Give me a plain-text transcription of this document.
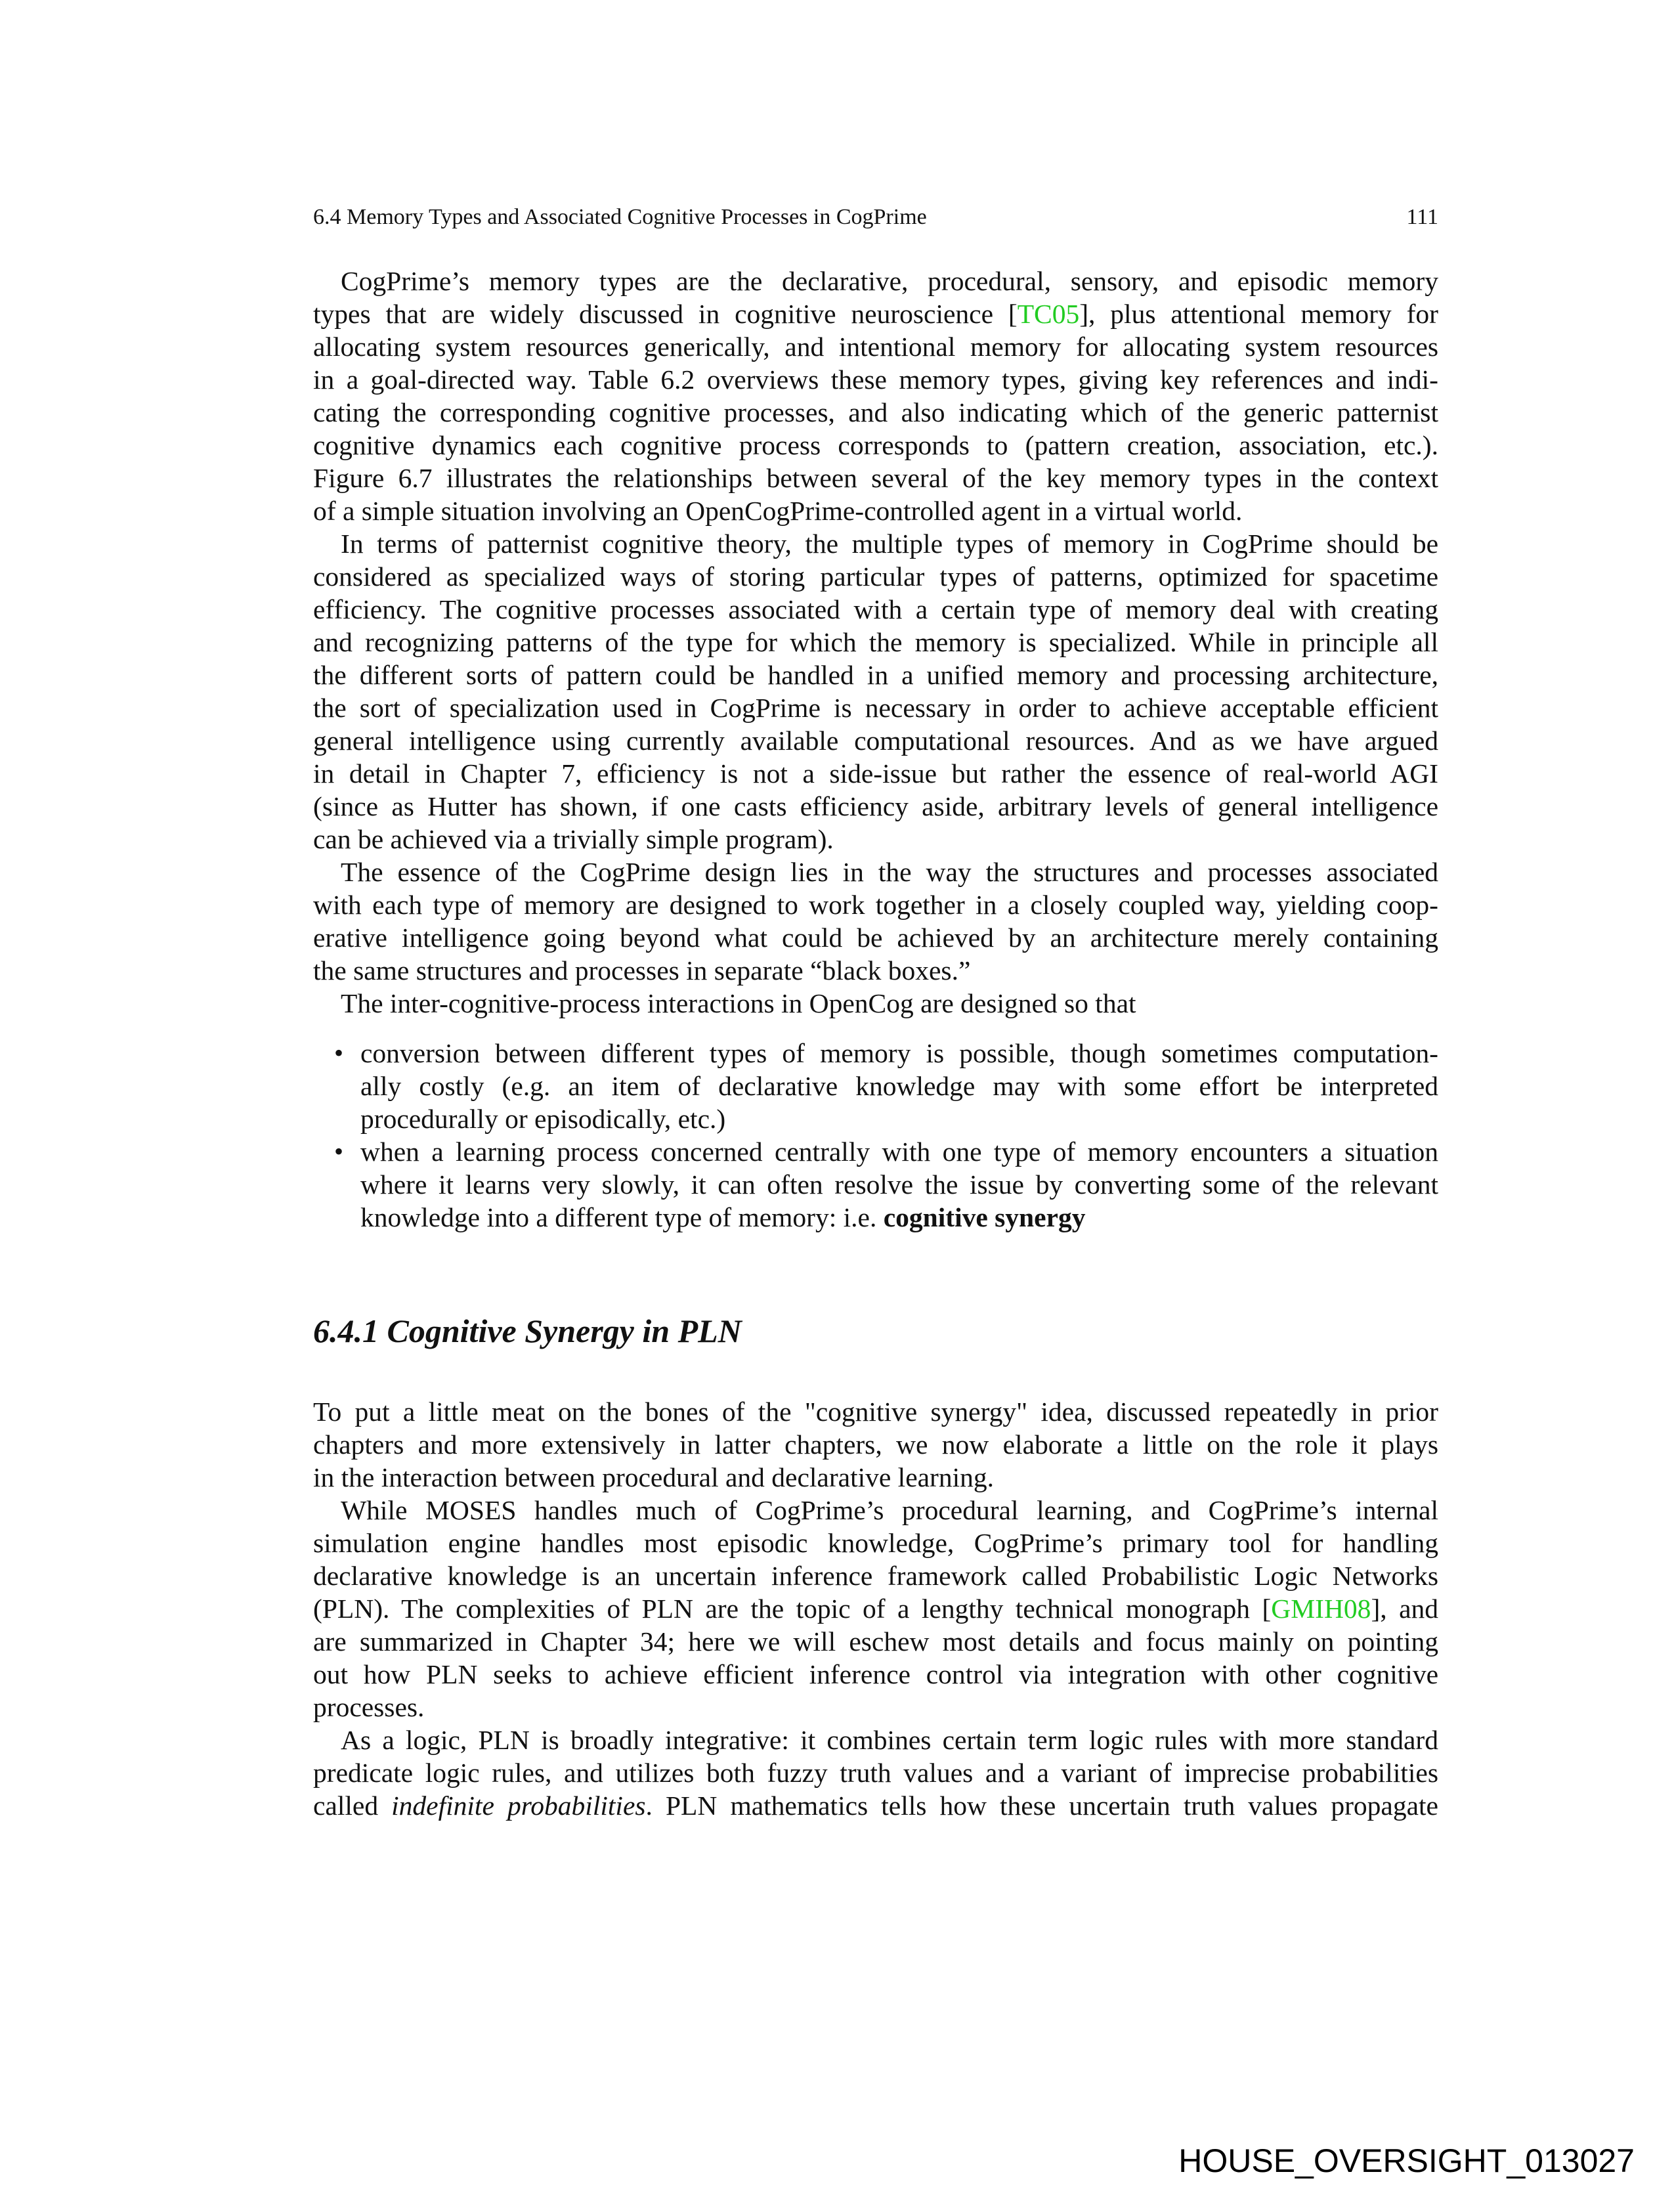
6.4 Memory Types and Associated Cognitive Processes in CogPrime	111
CogPrime’s memory types are the declarative, procedural, sensory, and episodic memory
types that are widely discussed in cognitive neuroscience [TC05], plus attentional memory for
allocating system resources generically, and intentional memory for allocating system resources
in a goal-directed way. Table 6.2 overviews these memory types, giving key references and indi-
cating the corresponding cognitive processes, and also indicating which of the generic patternist
cognitive dynamics each cognitive process corresponds to (pattern creation, association, etc.).
Figure 6.7 illustrates the relationships between several of the key memory types in the context
of a simple situation involving an OpenCogPrime-controlled agent in a virtual world.
In terms of patternist cognitive theory, the multiple types of memory in CogPrime should be
considered as specialized ways of storing particular types of patterns, optimized for spacetime
efficiency. The cognitive processes associated with a certain type of memory deal with creating
and recognizing patterns of the type for which the memory is specialized. While in principle all
the different sorts of pattern could be handled in a unified memory and processing architecture,
the sort of specialization used in CogPrime is necessary in order to achieve acceptable efficient
general intelligence using currently available computational resources. And as we have argued
in detail in Chapter 7, efficiency is not a side-issue but rather the essence of real-world AGI
(since as Hutter has shown, if one casts efficiency aside, arbitrary levels of general intelligence
can be achieved via a trivially simple program).
The essence of the CogPrime design lies in the way the structures and processes associated
with each type of memory are designed to work together in a closely coupled way, yielding coop-
erative intelligence going beyond what could be achieved by an architecture merely containing
the same structures and processes in separate “black boxes.”
The inter-cognitive-process interactions in OpenCog are designed so that
• conversion between different types of memory is possible, though sometimes computation-
ally costly (e.g. an item of declarative knowledge may with some effort be interpreted
procedurally or episodically, etc.)
• when a learning process concerned centrally with one type of memory encounters a situation
where it learns very slowly, it can often resolve the issue by converting some of the relevant
knowledge into a different type of memory: i.e. cognitive synergy
6.4.1 Cognitive Synergy in PLN
To put a little meat on the bones of the "cognitive synergy" idea, discussed repeatedly in prior
chapters and more extensively in latter chapters, we now elaborate a little on the role it plays
in the interaction between procedural and declarative learning.
While MOSES handles much of CogPrime’s procedural learning, and CogPrime’s internal
simulation engine handles most episodic knowledge, CogPrime’s primary tool for handling
declarative knowledge is an uncertain inference framework called Probabilistic Logic Networks
(PLN). The complexities of PLN are the topic of a lengthy technical monograph [GMIH08], and
are summarized in Chapter 34; here we will eschew most details and focus mainly on pointing
out how PLN seeks to achieve efficient inference control via integration with other cognitive
processes.
As a logic, PLN is broadly integrative: it combines certain term logic rules with more standard
predicate logic rules, and utilizes both fuzzy truth values and a variant of imprecise probabilities
called indefinite probabilities. PLN mathematics tells how these uncertain truth values propagate
HOUSE_OVERSIGHT_013027
